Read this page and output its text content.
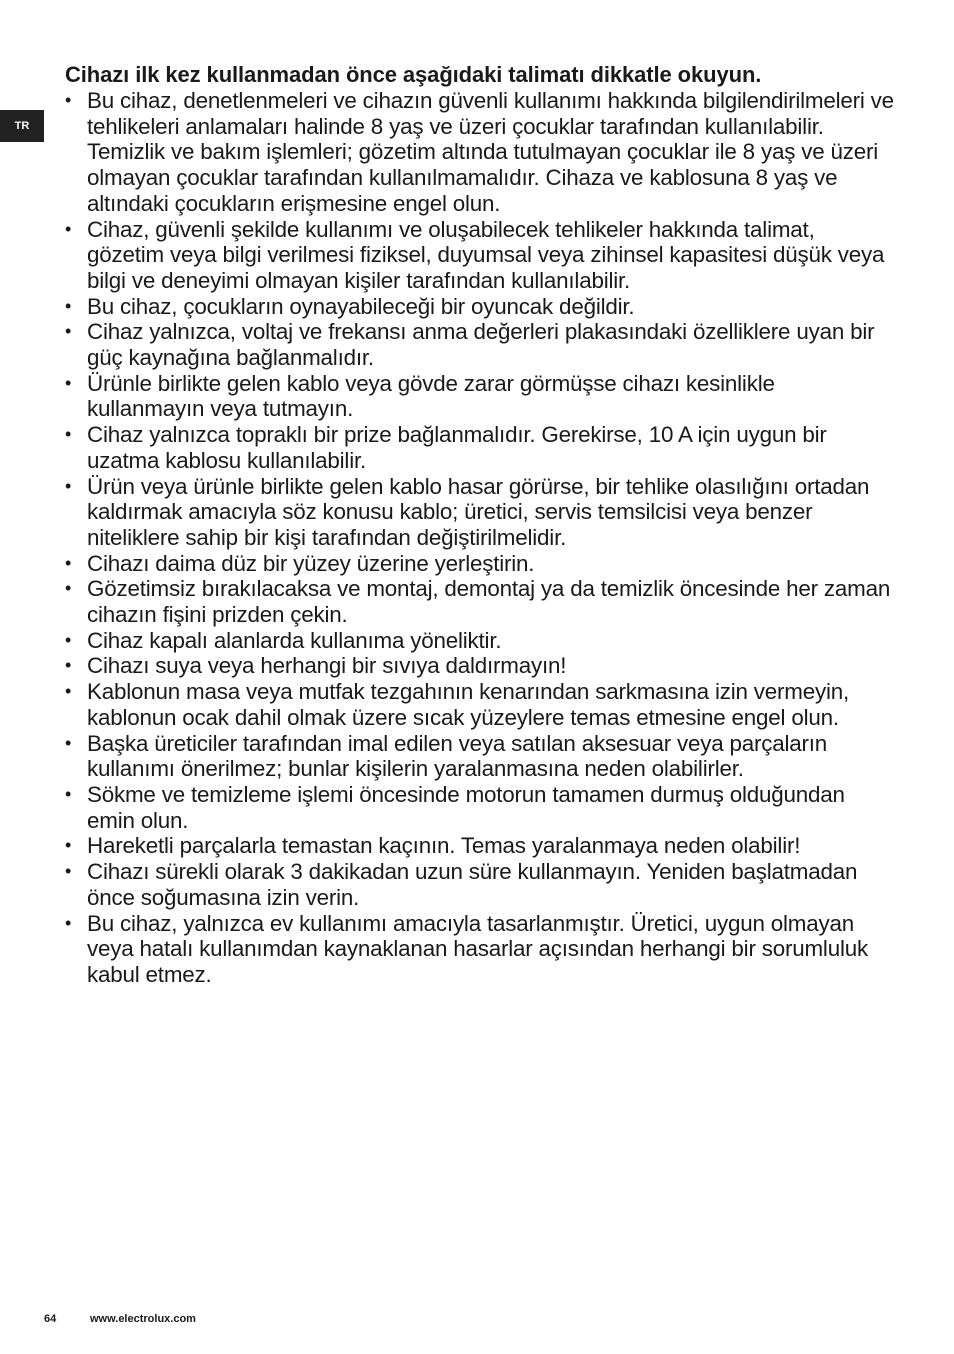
TR

Cihazı ilk kez kullanmadan önce aşağıdaki talimatı dikkatle okuyun.

• Bu cihaz, denetlenmeleri ve cihazın güvenli kullanımı hakkında bilgilendirilmeleri ve tehlikeleri anlamaları halinde 8 yaş ve üzeri çocuklar tarafından kullanılabilir. Temizlik ve bakım işlemleri; gözetim altında tutulmayan çocuklar ile 8 yaş ve üzeri olmayan çocuklar tarafından kullanılmamalıdır. Cihaza ve kablosuna 8 yaş ve altındaki çocukların erişmesine engel olun.
• Cihaz, güvenli şekilde kullanımı ve oluşabilecek tehlikeler hakkında talimat, gözetim veya bilgi verilmesi fiziksel, duyumsal veya zihinsel kapasitesi düşük veya bilgi ve deneyimi olmayan kişiler tarafından kullanılabilir.
• Bu cihaz, çocukların oynayabileceği bir oyuncak değildir.
• Cihaz yalnızca, voltaj ve frekansı anma değerleri plakasındaki özelliklere uyan bir güç kaynağına bağlanmalıdır.
• Ürünle birlikte gelen kablo veya gövde zarar görmüşse cihazı kesinlikle kullanmayın veya tutmayın.
• Cihaz yalnızca topraklı bir prize bağlanmalıdır. Gerekirse, 10 A için uygun bir uzatma kablosu kullanılabilir.
• Ürün veya ürünle birlikte gelen kablo hasar görürse, bir tehlike olasılığını ortadan kaldırmak amacıyla söz konusu kablo; üretici, servis temsilcisi veya benzer niteliklere sahip bir kişi tarafından değiştirilmelidir.
• Cihazı daima düz bir yüzey üzerine yerleştirin.
• Gözetimsiz bırakılacaksa ve montaj, demontaj ya da temizlik öncesinde her zaman cihazın fişini prizden çekin.
• Cihaz kapalı alanlarda kullanıma yöneliktir.
• Cihazı suya veya herhangi bir sıvıya daldırmayın!
• Kablonun masa veya mutfak tezgahının kenarından sarkmasına izin vermeyin, kablonun ocak dahil olmak üzere sıcak yüzeylere temas etmesine engel olun.
• Başka üreticiler tarafından imal edilen veya satılan aksesuar veya parçaların kullanımı önerilmez; bunlar kişilerin yaralanmasına neden olabilirler.
• Sökme ve temizleme işlemi öncesinde motorun tamamen durmuş olduğundan emin olun.
• Hareketli parçalarla temastan kaçının. Temas yaralanmaya neden olabilir!
• Cihazı sürekli olarak 3 dakikadan uzun süre kullanmayın. Yeniden başlatmadan önce soğumasına izin verin.
• Bu cihaz, yalnızca ev kullanımı amacıyla tasarlanmıştır. Üretici, uygun olmayan veya hatalı kullanımdan kaynaklanan hasarlar açısından herhangi bir sorumluluk kabul etmez.
64	www.electrolux.com
